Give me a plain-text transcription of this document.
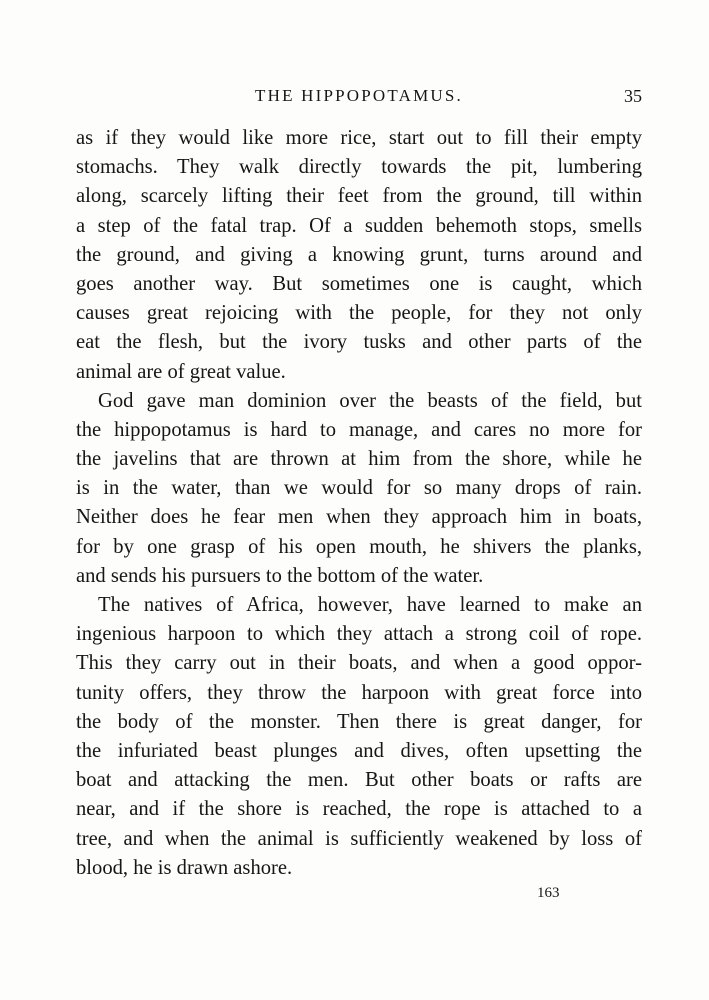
THE HIPPOPOTAMUS.	35
as if they would like more rice, start out to fill their empty
stomachs. They walk directly towards the pit, lumbering
along, scarcely lifting their feet from the ground, till within
a step of the fatal trap. Of a sudden behemoth stops, smells
the ground, and giving a knowing grunt, turns around and
goes another way. But sometimes one is caught, which
causes great rejoicing with the people, for they not only
eat the flesh, but the ivory tusks and other parts of the
animal are of great value.
God gave man dominion over the beasts of the field, but
the hippopotamus is hard to manage, and cares no more for
the javelins that are thrown at him from the shore, while he
is in the water, than we would for so many drops of rain.
Neither does he fear men when they approach him in boats,
for by one grasp of his open mouth, he shivers the planks,
and sends his pursuers to the bottom of the water.
The natives of Africa, however, have learned to make an
ingenious harpoon to which they attach a strong coil of rope.
This they carry out in their boats, and when a good oppor-
tunity offers, they throw the harpoon with great force into
the body of the monster. Then there is great danger, for
the infuriated beast plunges and dives, often upsetting the
boat and attacking the men. But other boats or rafts are
near, and if the shore is reached, the rope is attached to a
tree, and when the animal is sufficiently weakened by loss of
blood, he is drawn ashore.
163
